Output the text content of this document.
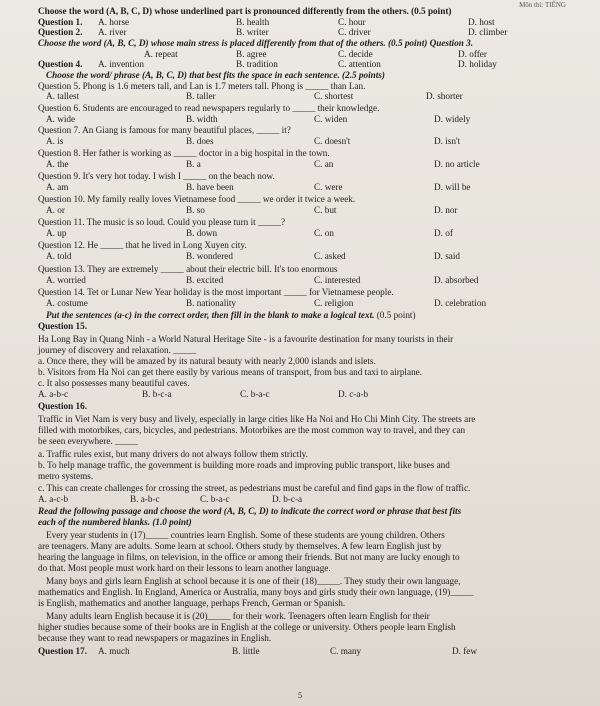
Môn thi: TIẾNG
Choose the word (A, B, C, D) whose underlined part is pronounced differently from the others. (0.5 point)
Question 1. A. horse	B. health	C. hour	D. host
Question 2. A. river	B. writer	C. driver	D. climber
Choose the word (A, B, C, D) whose main stress is placed differently from that of the others. (0.5 point) Question 3.
A. repeat	B. agree	C. decide	D. offer
Question 4. A. invention	B. tradition	C. attention	D. holiday
Choose the word/ phrase (A, B, C, D) that best fits the space in each sentence. (2.5 points)
Question 5. Phong is 1.6 meters tall, and Lan is 1.7 meters tall. Phong is _____ than Lan.
A. tallest	B. taller	C. shortest	D. shorter
Question 6. Students are encouraged to read newspapers regularly to _____ their knowledge.
A. wide	B. width	C. widen	D. widely
Question 7. An Giang is famous for many beautiful places, _____ it?
A. is	B. does	C. doesn't	D. isn't
Question 8. Her father is working as _____ doctor in a big hospital in the town.
A. the	B. a	C. an	D. no article
Question 9. It's very hot today. I wish I _____ on the beach now.
A. am	B. have been	C. were	D. will be
Question 10. My family really loves Vietnamese food _____ we order it twice a week.
A. or	B. so	C. but	D. nor
Question 11. The music is so loud. Could you please turn it _____?
A. up	B. down	C. on	D. of
Question 12. He _____ that he lived in Long Xuyen city.
A. told	B. wondered	C. asked	D. said
Question 13. They are extremely _____ about their electric bill. It's too enormous
A. worried	B. excited	C. interested	D. absorbed
Question 14. Tet or Lunar New Year holiday is the most important _____ for Vietnamese people.
A. costume	B. nationality	C. religion	D. celebration
Put the sentences (a-c) in the correct order, then fill in the blank to make a logical text. (0.5 point)
Question 15.
Ha Long Bay in Quang Ninh - a World Natural Heritage Site - is a favourite destination for many tourists in their
journey of discovery and relaxation. _____
a. Once there, they will be amazed by its natural beauty with nearly 2,000 islands and islets.
b. Visitors from Ha Noi can get there easily by various means of transport, from bus and taxi to airplane.
c. It also possesses many beautiful caves.
A. a-b-c	B. b-c-a	C. b-a-c	D. c-a-b
Question 16.
Traffic in Viet Nam is very busy and lively, especially in large cities like Ha Noi and Ho Chi Minh City. The streets are
filled with motorbikes, cars, bicycles, and pedestrians. Motorbikes are the most common way to travel, and they can
be seen everywhere. _____
a. Traffic rules exist, but many drivers do not always follow them strictly.
b. To help manage traffic, the government is building more roads and improving public transport, like buses and
metro systems.
c. This can create challenges for crossing the street, as pedestrians must be careful and find gaps in the flow of traffic.
A. a-c-b	B. a-b-c	C. b-a-c	D. b-c-a
Read the following passage and choose the word (A, B, C, D) to indicate the correct word or phrase that best fits
each of the numbered blanks. (1.0 point)
Every year students in (17)_____ countries learn English. Some of these students are young children. Others
are teenagers. Many are adults. Some learn at school. Others study by themselves. A few learn English just by
hearing the language in films, on television, in the office or among their friends. But not many are lucky enough to
do that. Most people must work hard on their lessons to learn another language.
Many boys and girls learn English at school because it is one of their (18)_____. They study their own language,
mathematics and English. In England, America or Australia, many boys and girls study their own language, (19)_____
is English, mathematics and another language, perhaps French, German or Spanish.
Many adults learn English because it is (20)_____ for their work. Teenagers often learn English for their
higher studies because some of their books are in English at the college or university. Others people learn English
because they want to read newspapers or magazines in English.
Question 17. A. much	B. little	C. many	D. few
5
